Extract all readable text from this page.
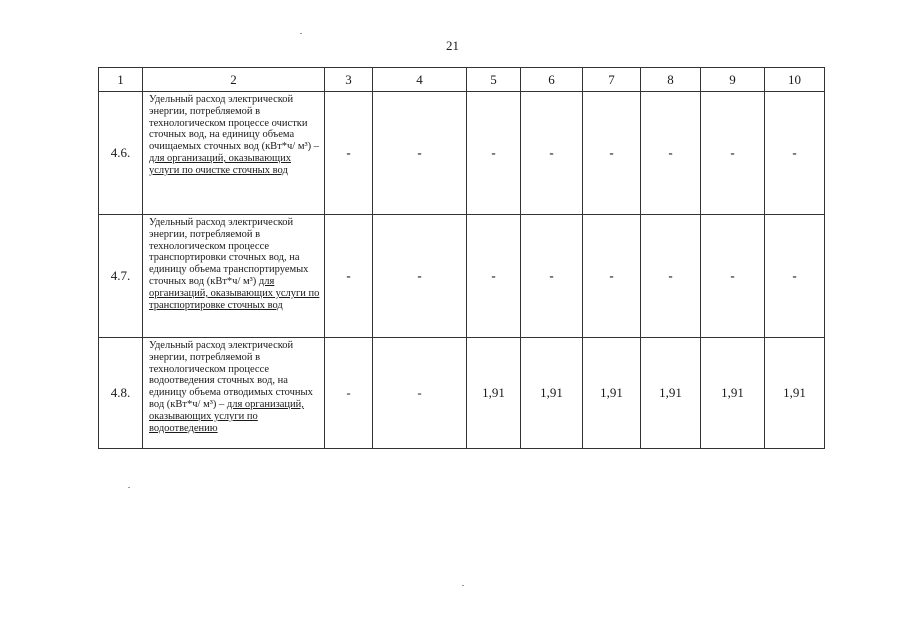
21
1	2	3	4	5	6	7	8	9	10
4.6.	Удельный расход электрической энергии, потребляемой в технологическом процессе очистки сточных вод, на единицу объема очищаемых сточных вод (кВт*ч/ м³) – для организаций, оказывающих услуги по очистке сточных вод	-	-	-	-	-	-	-	-
4.7.	Удельный расход электрической энергии, потребляемой в технологическом процессе транспортировки сточных вод, на единицу объема транспортируемых сточных вод (кВт*ч/ м³) для организаций, оказывающих услуги по транспортировке сточных вод	-	-	-	-	-	-	-	-
4.8.	Удельный расход электрической энергии, потребляемой в технологическом процессе водоотведения сточных вод, на единицу объема отводимых сточных вод (кВт*ч/ м³) – для организаций, оказывающих услуги по водоотведению	-	-	1,91	1,91	1,91	1,91	1,91	1,91
